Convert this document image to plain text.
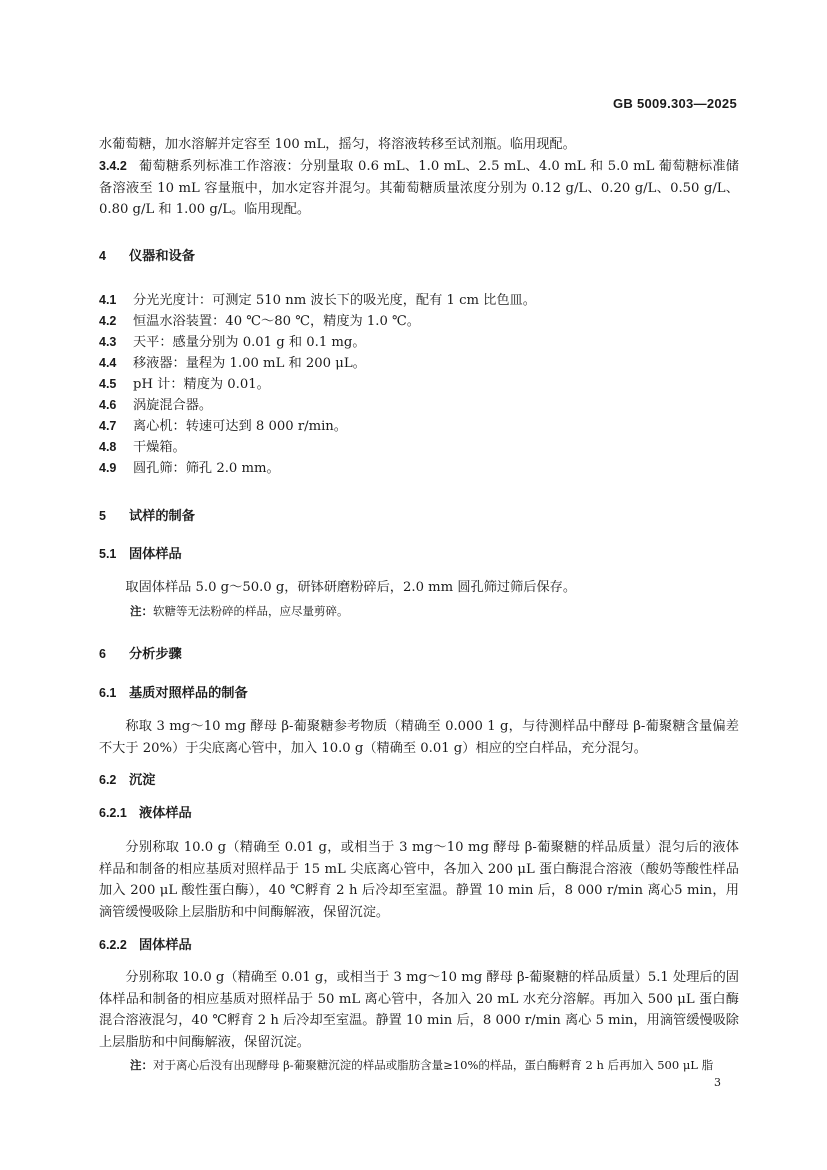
GB 5009.303—2025
水葡萄糖，加水溶解并定容至 100 mL，摇匀，将溶液转移至试剂瓶。临用现配。
3.4.2 葡萄糖系列标准工作溶液：分别量取 0.6 mL、1.0 mL、2.5 mL、4.0 mL 和 5.0 mL 葡萄糖标准储备溶液至 10 mL 容量瓶中，加水定容并混匀。其葡萄糖质量浓度分别为 0.12 g/L、0.20 g/L、0.50 g/L、0.80 g/L 和 1.00 g/L。临用现配。
4 仪器和设备
4.1 分光光度计：可测定 510 nm 波长下的吸光度，配有 1 cm 比色皿。
4.2 恒温水浴装置：40 ℃～80 ℃，精度为 1.0 ℃。
4.3 天平：感量分别为 0.01 g 和 0.1 mg。
4.4 移液器：量程为 1.00 mL 和 200 μL。
4.5 pH 计：精度为 0.01。
4.6 涡旋混合器。
4.7 离心机：转速可达到 8 000 r/min。
4.8 干燥箱。
4.9 圆孔筛：筛孔 2.0 mm。
5 试样的制备
5.1 固体样品
取固体样品 5.0 g～50.0 g，研钵研磨粉碎后，2.0 mm 圆孔筛过筛后保存。
注：软糖等无法粉碎的样品，应尽量剪碎。
6 分析步骤
6.1 基质对照样品的制备
称取 3 mg～10 mg 酵母 β-葡聚糖参考物质（精确至 0.000 1 g，与待测样品中酵母 β-葡聚糖含量偏差不大于 20%）于尖底离心管中，加入 10.0 g（精确至 0.01 g）相应的空白样品，充分混匀。
6.2 沉淀
6.2.1 液体样品
分别称取 10.0 g（精确至 0.01 g，或相当于 3 mg～10 mg 酵母 β-葡聚糖的样品质量）混匀后的液体样品和制备的相应基质对照样品于 15 mL 尖底离心管中，各加入 200 μL 蛋白酶混合溶液（酸奶等酸性样品加入 200 μL 酸性蛋白酶），40 ℃孵育 2 h 后冷却至室温。静置 10 min 后，8 000 r/min 离心5 min，用滴管缓慢吸除上层脂肪和中间酶解液，保留沉淀。
6.2.2 固体样品
分别称取 10.0 g（精确至 0.01 g，或相当于 3 mg～10 mg 酵母 β-葡聚糖的样品质量）5.1 处理后的固体样品和制备的相应基质对照样品于 50 mL 离心管中，各加入 20 mL 水充分溶解。再加入 500 μL 蛋白酶混合溶液混匀，40 ℃孵育 2 h 后冷却至室温。静置 10 min 后，8 000 r/min 离心 5 min，用滴管缓慢吸除上层脂肪和中间酶解液，保留沉淀。
注：对于离心后没有出现酵母 β-葡聚糖沉淀的样品或脂肪含量≥10%的样品，蛋白酶孵育 2 h 后再加入 500 μL 脂
3
